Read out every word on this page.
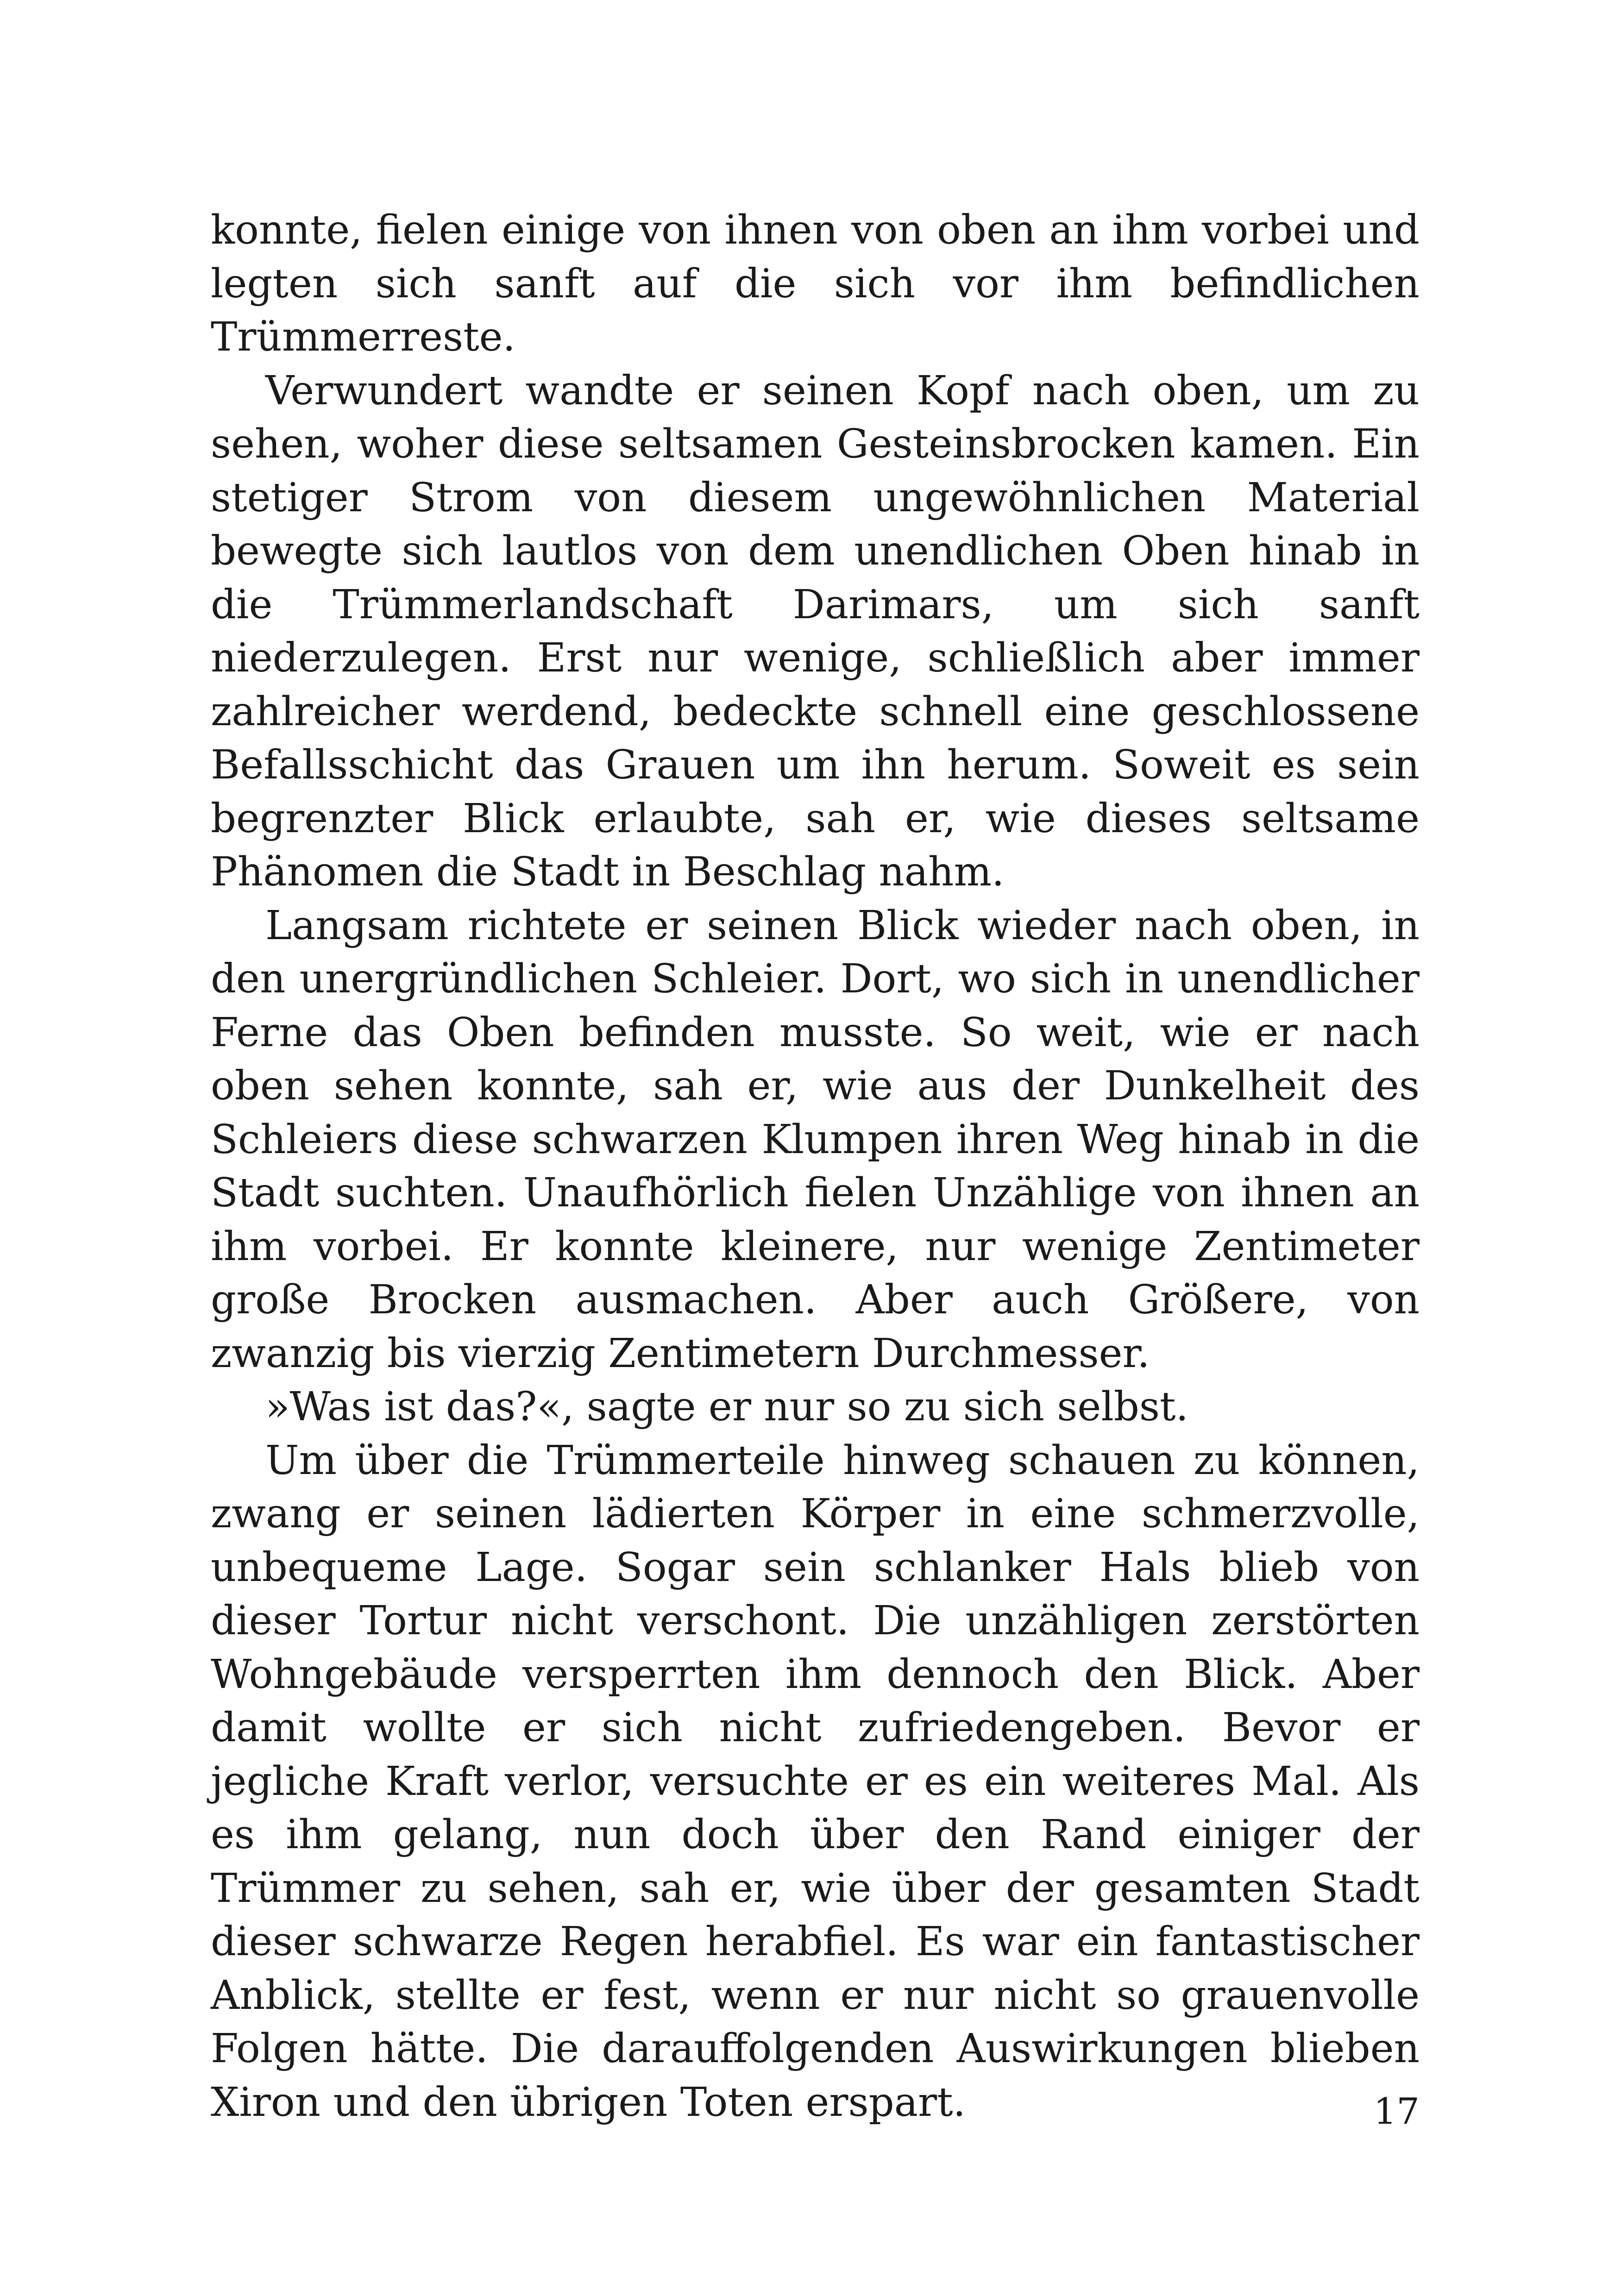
konnte, fielen einige von ihnen von oben an ihm vorbei und legten sich sanft auf die sich vor ihm befindlichen Trümmerreste.

Verwundert wandte er seinen Kopf nach oben, um zu sehen, woher diese seltsamen Gesteinsbrocken kamen. Ein stetiger Strom von diesem ungewöhnlichen Material bewegte sich lautlos von dem unendlichen Oben hinab in die Trümmerlandschaft Darimars, um sich sanft niederzulegen. Erst nur wenige, schließlich aber immer zahlreicher werdend, bedeckte schnell eine geschlossene Befallsschicht das Grauen um ihn herum. Soweit es sein begrenzter Blick erlaubte, sah er, wie dieses seltsame Phänomen die Stadt in Beschlag nahm.

Langsam richtete er seinen Blick wieder nach oben, in den unergründlichen Schleier. Dort, wo sich in unendlicher Ferne das Oben befinden musste. So weit, wie er nach oben sehen konnte, sah er, wie aus der Dunkelheit des Schleiers diese schwarzen Klumpen ihren Weg hinab in die Stadt suchten. Unaufhörlich fielen Unzählige von ihnen an ihm vorbei. Er konnte kleinere, nur wenige Zentimeter große Brocken ausmachen. Aber auch Größere, von zwanzig bis vierzig Zentimetern Durchmesser.

»Was ist das?«, sagte er nur so zu sich selbst.

Um über die Trümmerteile hinweg schauen zu können, zwang er seinen lädierten Körper in eine schmerzvolle, unbequeme Lage. Sogar sein schlanker Hals blieb von dieser Tortur nicht verschont. Die unzähligen zerstörten Wohngebäude versperrten ihm dennoch den Blick. Aber damit wollte er sich nicht zufriedengeben. Bevor er jegliche Kraft verlor, versuchte er es ein weiteres Mal. Als es ihm gelang, nun doch über den Rand einiger der Trümmer zu sehen, sah er, wie über der gesamten Stadt dieser schwarze Regen herabfiel. Es war ein fantastischer Anblick, stellte er fest, wenn er nur nicht so grauenvolle Folgen hätte. Die darauffolgenden Auswirkungen blieben Xiron und den übrigen Toten erspart.	17
